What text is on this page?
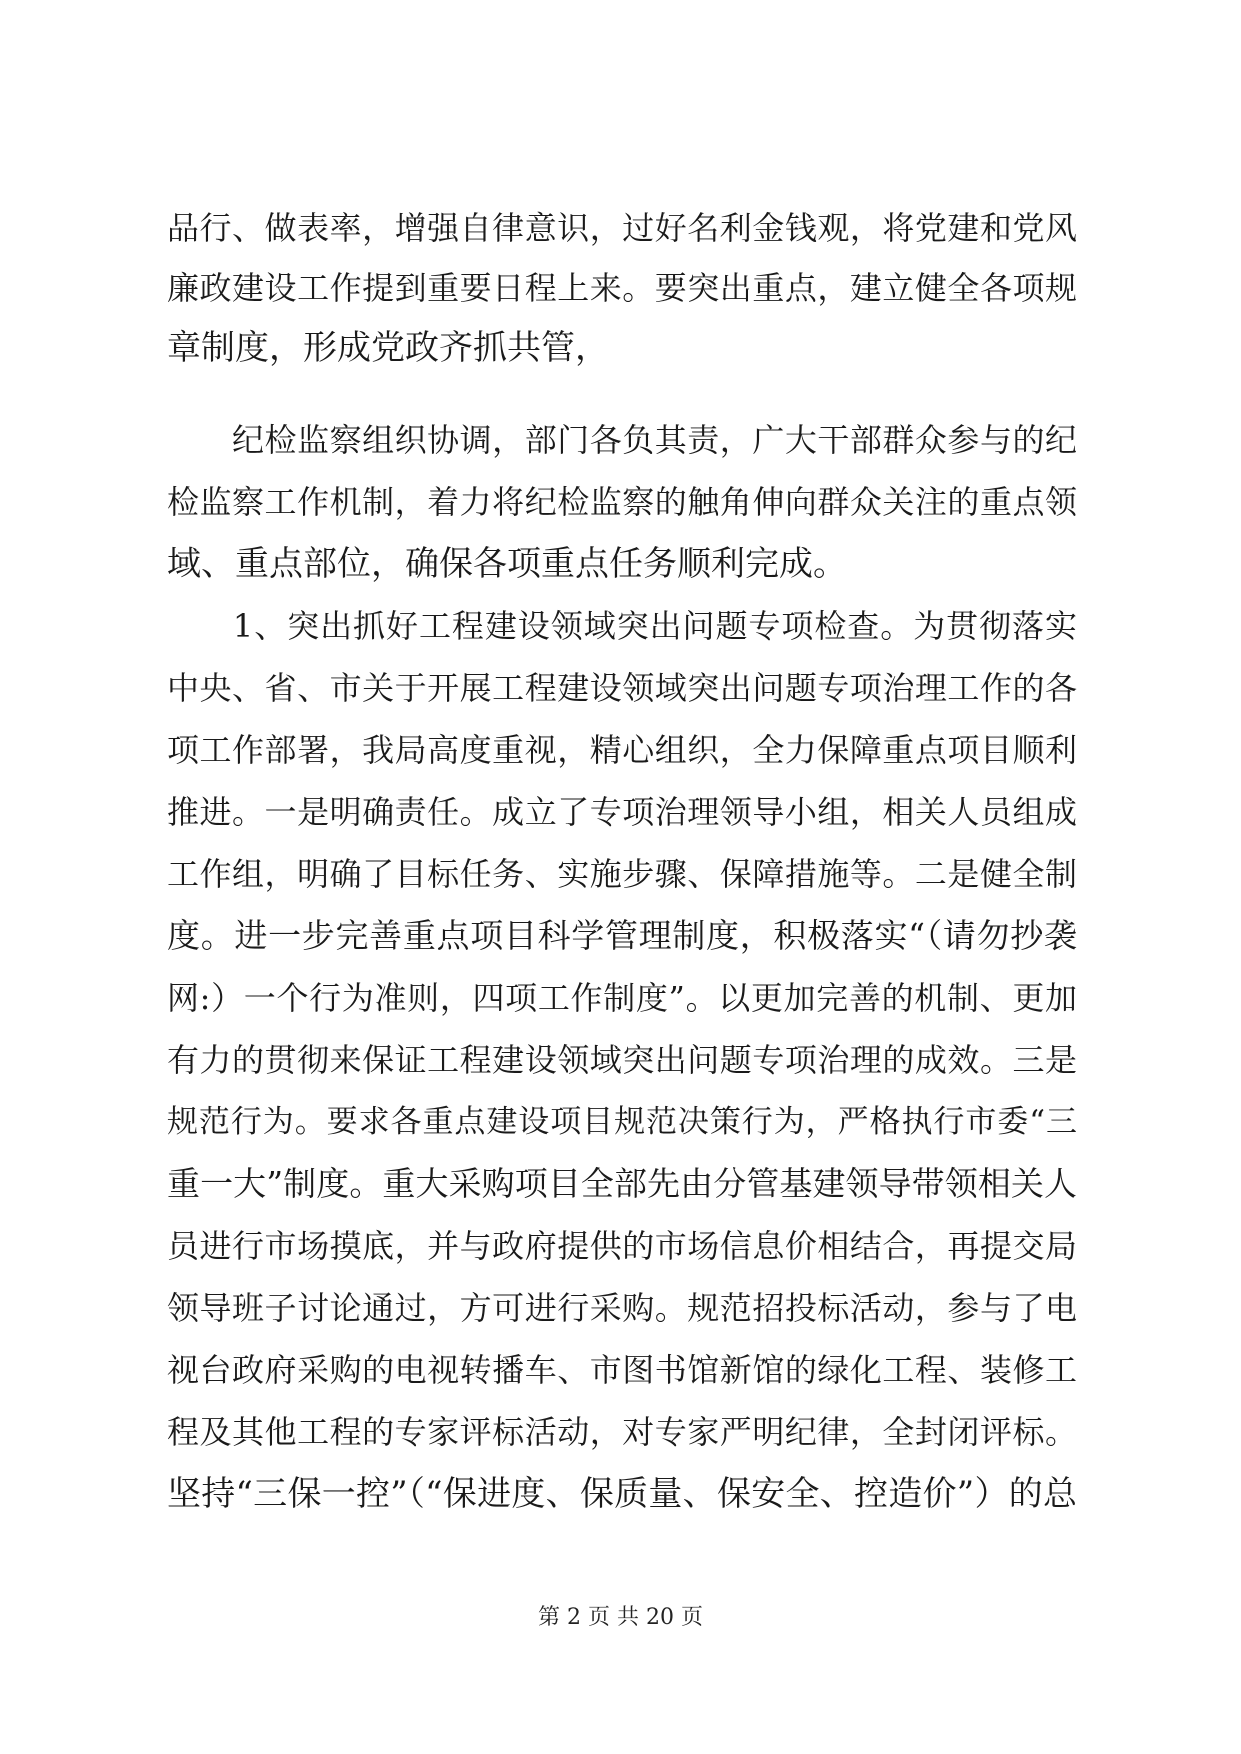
品行、做表率，增强自律意识，过好名利金钱观，将党建和党风
廉政建设工作提到重要日程上来。要突出重点，建立健全各项规
章制度，形成党政齐抓共管，
　　纪检监察组织协调，部门各负其责，广大干部群众参与的纪
检监察工作机制，着力将纪检监察的触角伸向群众关注的重点领
域、重点部位，确保各项重点任务顺利完成。
　　1、突出抓好工程建设领域突出问题专项检查。为贯彻落实
中央、省、市关于开展工程建设领域突出问题专项治理工作的各
项工作部署，我局高度重视，精心组织，全力保障重点项目顺利
推进。一是明确责任。成立了专项治理领导小组，相关人员组成
工作组，明确了目标任务、实施步骤、保障措施等。二是健全制
度。进一步完善重点项目科学管理制度，积极落实“（请勿抄袭
网:）一个行为准则，四项工作制度”。以更加完善的机制、更加
有力的贯彻来保证工程建设领域突出问题专项治理的成效。三是
规范行为。要求各重点建设项目规范决策行为，严格执行市委“三
重一大”制度。重大采购项目全部先由分管基建领导带领相关人
员进行市场摸底，并与政府提供的市场信息价相结合，再提交局
领导班子讨论通过，方可进行采购。规范招投标活动，参与了电
视台政府采购的电视转播车、市图书馆新馆的绿化工程、装修工
程及其他工程的专家评标活动，对专家严明纪律，全封闭评标。
坚持“三保一控”（“保进度、保质量、保安全、控造价”）的总
第 2 页 共 20 页
